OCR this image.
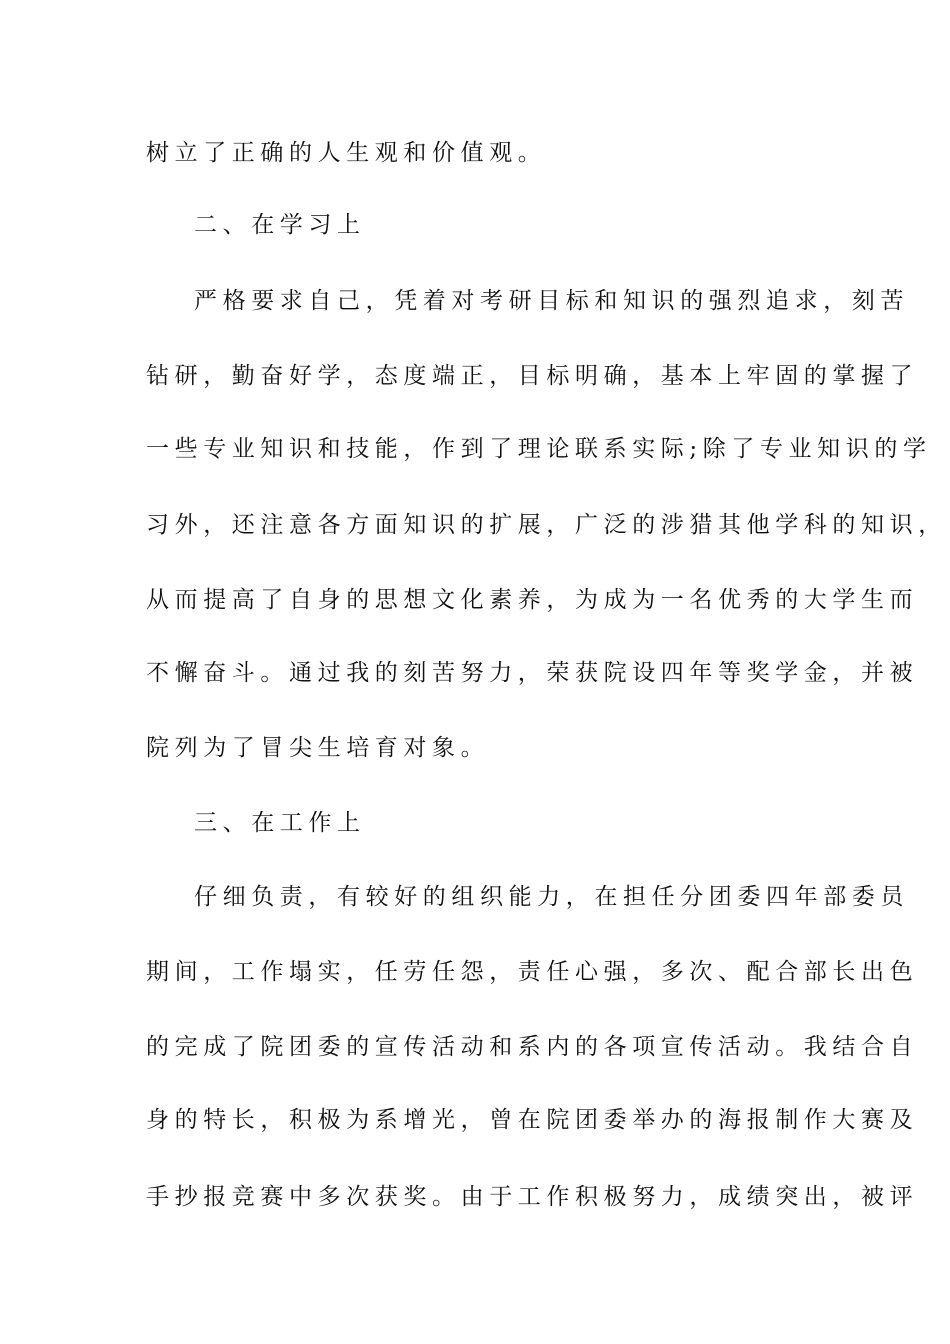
树立了正确的人生观和价值观。
二、在学习上
严格要求自己，凭着对考研目标和知识的强烈追求，刻苦
钻研，勤奋好学，态度端正，目标明确，基本上牢固的掌握了
一些专业知识和技能，作到了理论联系实际;除了专业知识的学
习外，还注意各方面知识的扩展，广泛的涉猎其他学科的知识，
从而提高了自身的思想文化素养，为成为一名优秀的大学生而
不懈奋斗。通过我的刻苦努力，荣获院设四年等奖学金，并被
院列为了冒尖生培育对象。
三、在工作上
仔细负责，有较好的组织能力，在担任分团委四年部委员
期间，工作塌实，任劳任怨，责任心强，多次、配合部长出色
的完成了院团委的宣传活动和系内的各项宣传活动。我结合自
身的特长，积极为系增光，曾在院团委举办的海报制作大赛及
手抄报竞赛中多次获奖。由于工作积极努力，成绩突出，被评
